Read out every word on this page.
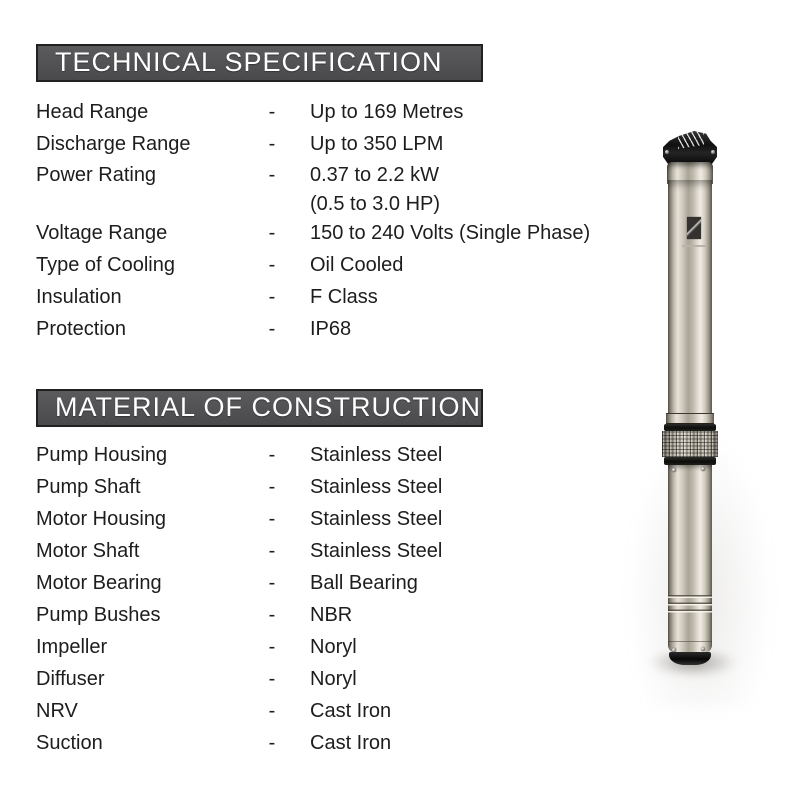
TECHNICAL SPECIFICATION
Head Range	-	Up to 169 Metres
Discharge Range	-	Up to 350 LPM
Power Rating	-	0.37 to 2.2 kW
(0.5 to 3.0 HP)
Voltage Range	-	150 to 240 Volts (Single Phase)
Type of Cooling	-	Oil Cooled
Insulation	-	F Class
Protection	-	IP68
MATERIAL OF CONSTRUCTION
Pump Housing	-	Stainless Steel
Pump Shaft	-	Stainless Steel
Motor Housing	-	Stainless Steel
Motor Shaft	-	Stainless Steel
Motor Bearing	-	Ball Bearing
Pump Bushes	-	NBR
Impeller	-	Noryl
Diffuser	-	Noryl
NRV	-	Cast Iron
Suction	-	Cast Iron
